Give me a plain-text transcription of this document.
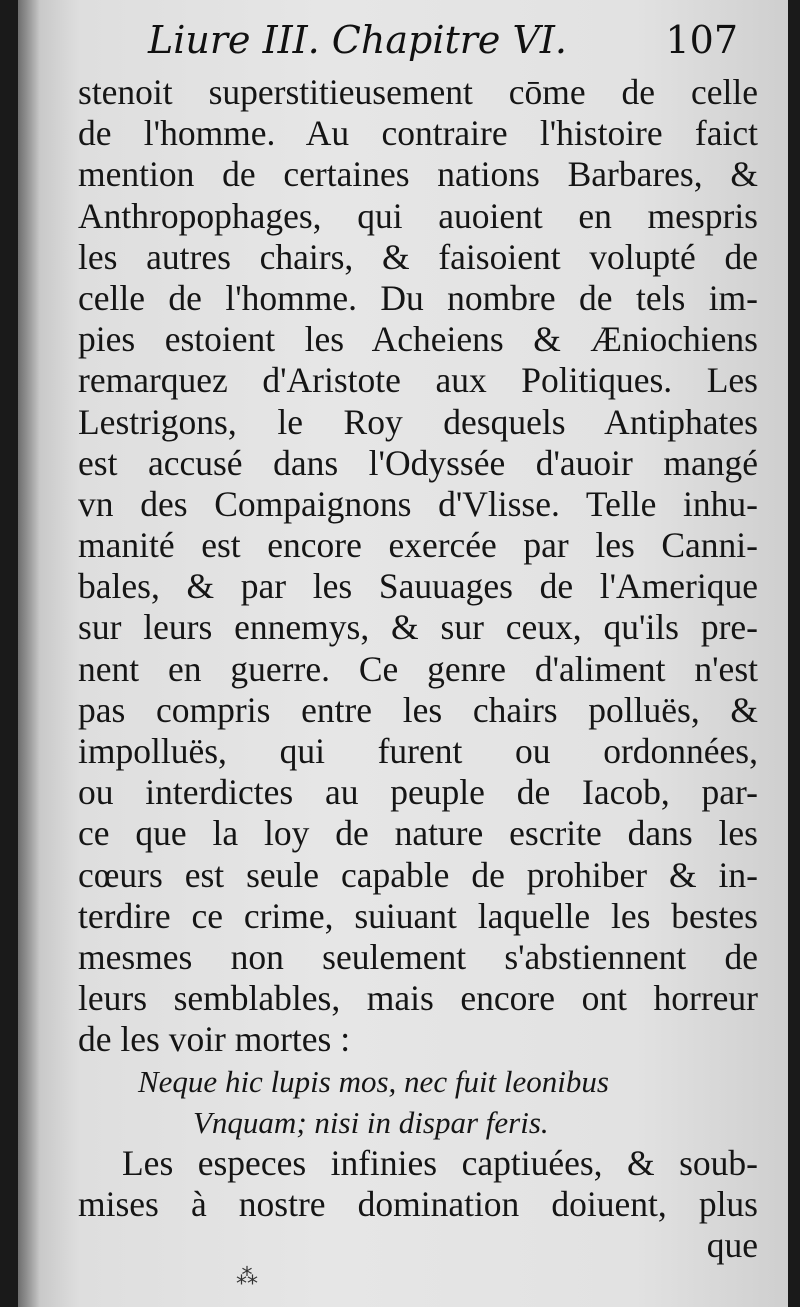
Liure III. Chapitre VI.	107
stenoit superstitieusement cōme de celle
de l'homme. Au contraire l'histoire faict
mention de certaines nations Barbares, &
Anthropophages, qui auoient en mespris
les autres chairs, & faisoient volupté de
celle de l'homme. Du nombre de tels im-
pies estoient les Acheiens & Æniochiens
remarquez d'Aristote aux Politiques. Les
Lestrigons, le Roy desquels Antiphates
est accusé dans l'Odyssée d'auoir mangé
vn des Compaignons d'Vlisse. Telle inhu-
manité est encore exercée par les Canni-
bales, & par les Sauuages de l'Amerique
sur leurs ennemys, & sur ceux, qu'ils pre-
nent en guerre. Ce genre d'aliment n'est
pas compris entre les chairs polluës, &
impolluës, qui furent ou ordonnées,
ou interdictes au peuple de Iacob, par-
ce que la loy de nature escrite dans les
cœurs est seule capable de prohiber & in-
terdire ce crime, suiuant laquelle les bestes
mesmes non seulement s'abstiennent de
leurs semblables, mais encore ont horreur
de les voir mortes :
Neque hic lupis mos, nec fuit leonibus
Vnquam; nisi in dispar feris.
Les especes infinies captiuées, & soub-
mises à nostre domination doiuent, plus
que
⁂
